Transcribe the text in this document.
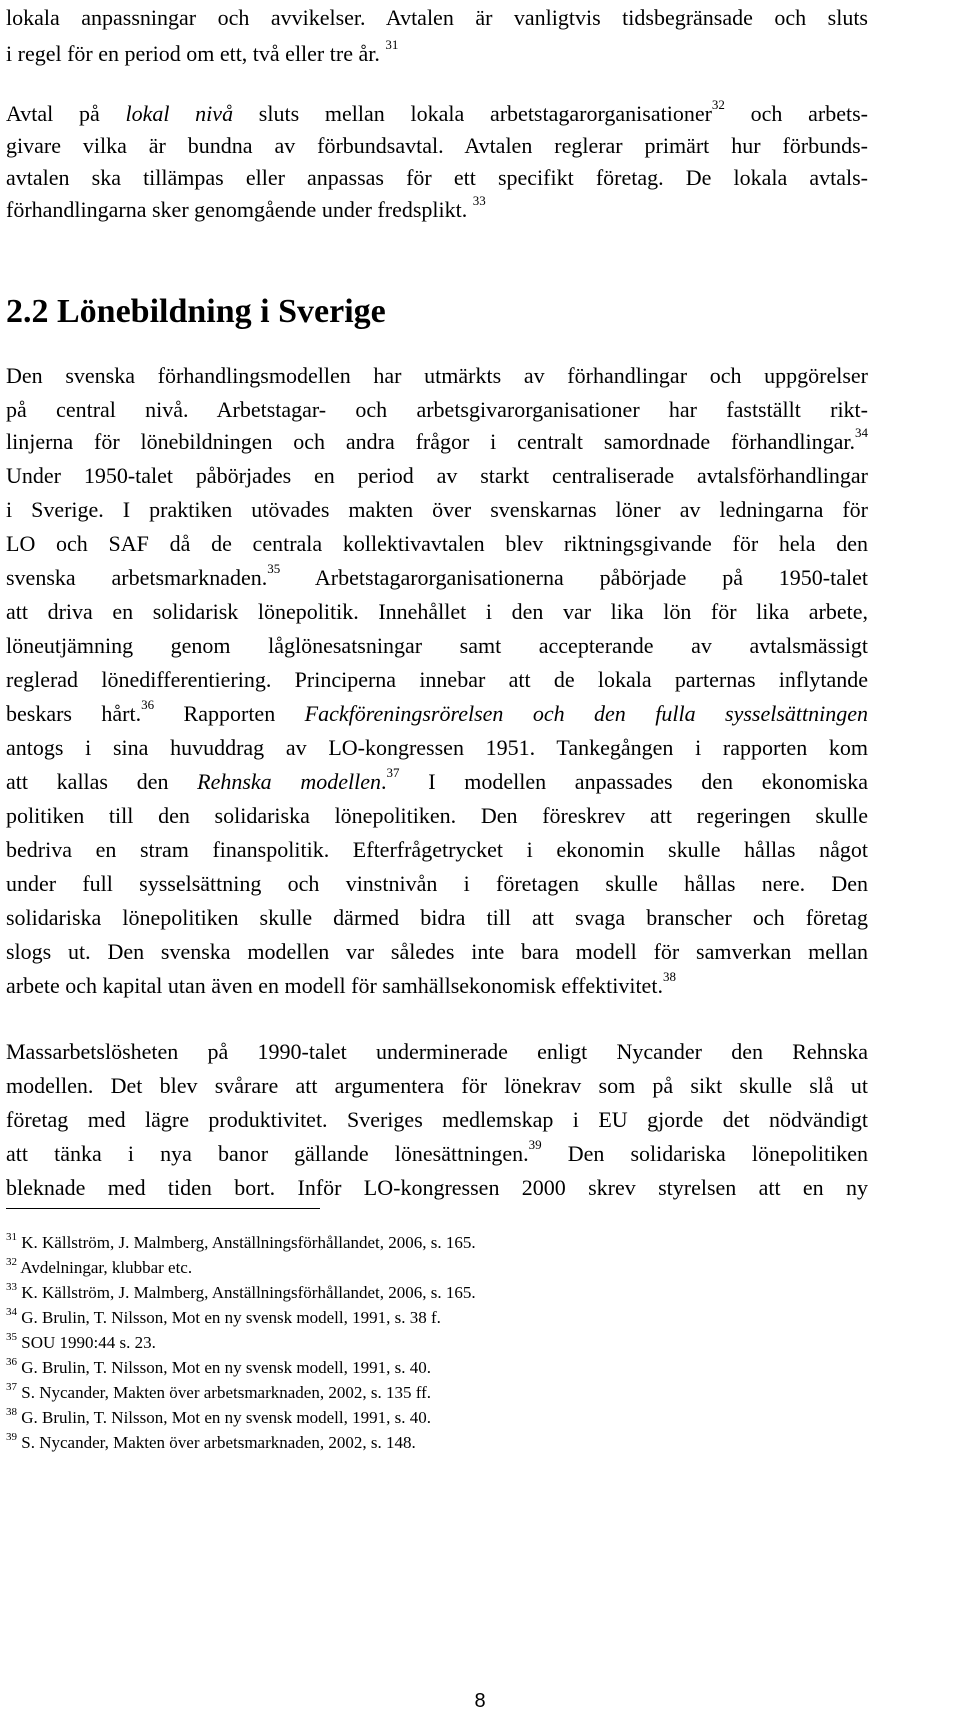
lokala anpassningar och avvikelser. Avtalen är vanligtvis tidsbegränsade och sluts
i regel för en period om ett, två eller tre år. $^{31}$
Avtal på lokal nivå sluts mellan lokala arbetstagarorganisationer$^{32}$ och arbets-
givare vilka är bundna av förbundsavtal. Avtalen reglerar primärt hur förbunds-
avtalen ska tillämpas eller anpassas för ett specifikt företag. De lokala avtals-
förhandlingarna sker genomgående under fredsplikt. $^{33}$
2.2 Lönebildning i Sverige
Den svenska förhandlingsmodellen har utmärkts av förhandlingar och uppgörelser
på central nivå. Arbetstagar- och arbetsgivarorganisationer har fastställt rikt-
linjerna för lönebildningen och andra frågor i centralt samordnade förhandlingar.$^{34}$
Under 1950-talet påbörjades en period av starkt centraliserade avtalsförhandlingar
i Sverige. I praktiken utövades makten över svenskarnas löner av ledningarna för
LO och SAF då de centrala kollektivavtalen blev riktningsgivande för hela den
svenska arbetsmarknaden.$^{35}$ Arbetstagarorganisationerna påbörjade på 1950-talet
att driva en solidarisk lönepolitik. Innehållet i den var lika lön för lika arbete,
löneutjämning genom låglönesatsningar samt accepterande av avtalsmässigt
reglerad lönedifferentiering. Principerna innebar att de lokala parternas inflytande
beskars hårt.$^{36}$ Rapporten Fackföreningsrörelsen och den fulla sysselsättningen
antogs i sina huvuddrag av LO-kongressen 1951. Tankegången i rapporten kom
att kallas den Rehnska modellen.$^{37}$ I modellen anpassades den ekonomiska
politiken till den solidariska lönepolitiken. Den föreskrev att regeringen skulle
bedriva en stram finanspolitik. Efterfrågetrycket i ekonomin skulle hållas något
under full sysselsättning och vinstnivån i företagen skulle hållas nere. Den
solidariska lönepolitiken skulle därmed bidra till att svaga branscher och företag
slogs ut. Den svenska modellen var således inte bara modell för samverkan mellan
arbete och kapital utan även en modell för samhällsekonomisk effektivitet.$^{38}$
Massarbetslösheten på 1990-talet underminerade enligt Nycander den Rehnska
modellen. Det blev svårare att argumentera för lönekrav som på sikt skulle slå ut
företag med lägre produktivitet. Sveriges medlemskap i EU gjorde det nödvändigt
att tänka i nya banor gällande lönesättningen.$^{39}$ Den solidariska lönepolitiken
bleknade med tiden bort. Inför LO-kongressen 2000 skrev styrelsen att en ny
8
$^{31}$ K. Källström, J. Malmberg, Anställningsförhållandet, 2006, s. 165.
$^{32}$ Avdelningar, klubbar etc.
$^{33}$ K. Källström, J. Malmberg, Anställningsförhållandet, 2006, s. 165.
$^{34}$ G. Brulin, T. Nilsson, Mot en ny svensk modell, 1991, s. 38 f.
$^{35}$ SOU 1990:44 s. 23.
$^{36}$ G. Brulin, T. Nilsson, Mot en ny svensk modell, 1991, s. 40.
$^{37}$ S. Nycander, Makten över arbetsmarknaden, 2002, s. 135 ff.
$^{38}$ G. Brulin, T. Nilsson, Mot en ny svensk modell, 1991, s. 40.
$^{39}$ S. Nycander, Makten över arbetsmarknaden, 2002, s. 148.
